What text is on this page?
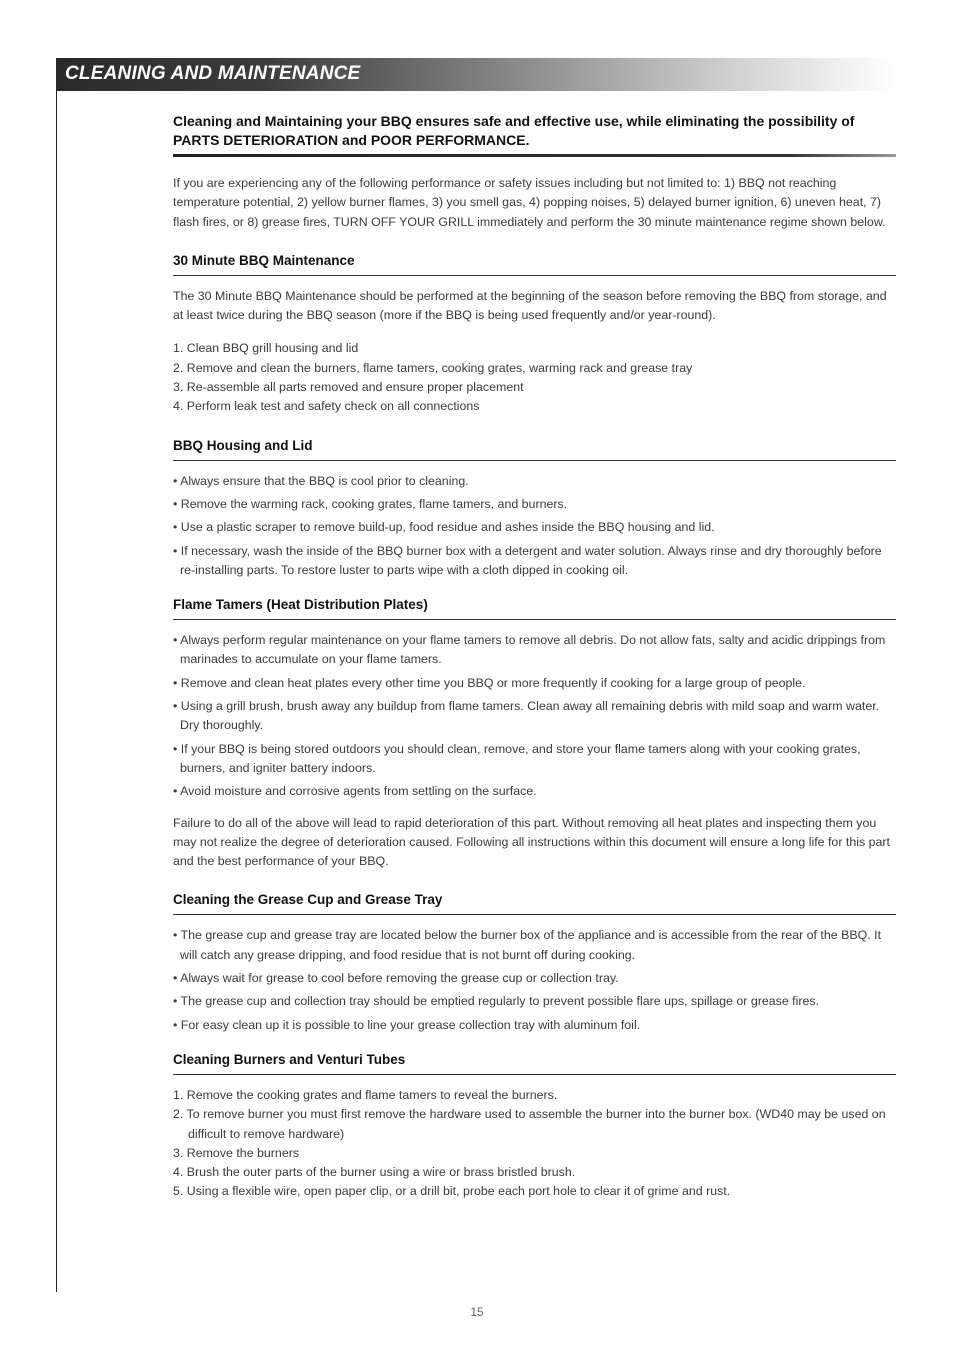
CLEANING AND MAINTENANCE

Cleaning and Maintaining your BBQ ensures safe and effective use, while eliminating the possibility of PARTS DETERIORATION and POOR PERFORMANCE.

If you are experiencing any of the following performance or safety issues including but not limited to: 1) BBQ not reaching temperature potential, 2) yellow burner flames, 3) you smell gas, 4) popping noises, 5) delayed burner ignition, 6) uneven heat, 7) flash fires, or 8) grease fires, TURN OFF YOUR GRILL immediately and perform the 30 minute maintenance regime shown below.

30 Minute BBQ Maintenance

The 30 Minute BBQ Maintenance should be performed at the beginning of the season before removing the BBQ from storage, and at least twice during the BBQ season (more if the BBQ is being used frequently and/or year-round).

1. Clean BBQ grill housing and lid
2. Remove and clean the burners, flame tamers, cooking grates, warming rack and grease tray
3. Re-assemble all parts removed and ensure proper placement
4. Perform leak test and safety check on all connections
BBQ Housing and Lid
• Always ensure that the BBQ is cool prior to cleaning.
• Remove the warming rack, cooking grates, flame tamers, and burners.
• Use a plastic scraper to remove build-up, food residue and ashes inside the BBQ housing and lid.
• If necessary, wash the inside of the BBQ burner box with a detergent and water solution. Always rinse and dry thoroughly before re-installing parts. To restore luster to parts wipe with a cloth dipped in cooking oil.
Flame Tamers (Heat Distribution Plates)
• Always perform regular maintenance on your flame tamers to remove all debris. Do not allow fats, salty and acidic drippings from marinades to accumulate on your flame tamers.
• Remove and clean heat plates every other time you BBQ or more frequently if cooking for a large group of people.
• Using a grill brush, brush away any buildup from flame tamers. Clean away all remaining debris with mild soap and warm water. Dry thoroughly.
• If your BBQ is being stored outdoors you should clean, remove, and store your flame tamers along with your cooking grates, burners, and igniter battery indoors.
• Avoid moisture and corrosive agents from settling on the surface.

Failure to do all of the above will lead to rapid deterioration of this part. Without removing all heat plates and inspecting them you may not realize the degree of deterioration caused. Following all instructions within this document will ensure a long life for this part and the best performance of your BBQ.

Cleaning the Grease Cup and Grease Tray
• The grease cup and grease tray are located below the burner box of the appliance and is accessible from the rear of the BBQ. It will catch any grease dripping, and food residue that is not burnt off during cooking.
• Always wait for grease to cool before removing the grease cup or collection tray.
• The grease cup and collection tray should be emptied regularly to prevent possible flare ups, spillage or grease fires.
• For easy clean up it is possible to line your grease collection tray with aluminum foil.
Cleaning Burners and Venturi Tubes
1. Remove the cooking grates and flame tamers to reveal the burners.
2. To remove burner you must first remove the hardware used to assemble the burner into the burner box. (WD40 may be used on difficult to remove hardware)
3. Remove the burners
4. Brush the outer parts of the burner using a wire or brass bristled brush.
5. Using a flexible wire, open paper clip, or a drill bit, probe each port hole to clear it of grime and rust.
15
